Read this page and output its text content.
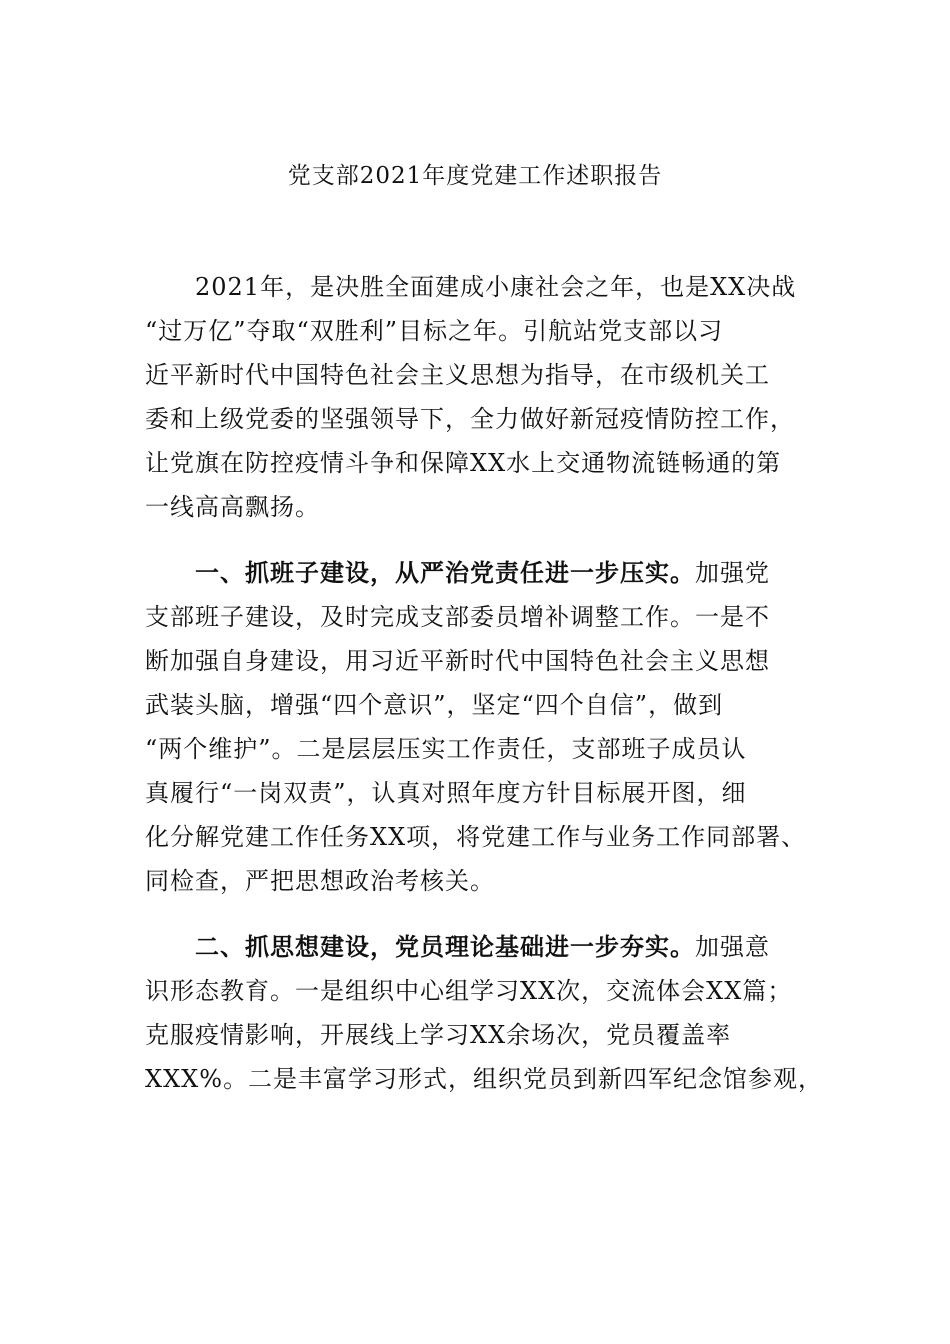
党支部2021年度党建工作述职报告
2021年，是决胜全面建成小康社会之年，也是XX决战
“过万亿”夺取“双胜利”目标之年。引航站党支部以习
近平新时代中国特色社会主义思想为指导，在市级机关工
委和上级党委的坚强领导下，全力做好新冠疫情防控工作，
让党旗在防控疫情斗争和保障XX水上交通物流链畅通的第
一线高高飘扬。
一、抓班子建设，从严治党责任进一步压实。加强党
支部班子建设，及时完成支部委员增补调整工作。一是不
断加强自身建设，用习近平新时代中国特色社会主义思想
武装头脑，增强“四个意识”，坚定“四个自信”，做到
“两个维护”。二是层层压实工作责任，支部班子成员认
真履行“一岗双责”，认真对照年度方针目标展开图，细
化分解党建工作任务XX项，将党建工作与业务工作同部署、
同检查，严把思想政治考核关。
二、抓思想建设，党员理论基础进一步夯实。加强意
识形态教育。一是组织中心组学习XX次，交流体会XX篇；
克服疫情影响，开展线上学习XX余场次，党员覆盖率
XXX%。二是丰富学习形式，组织党员到新四军纪念馆参观，
